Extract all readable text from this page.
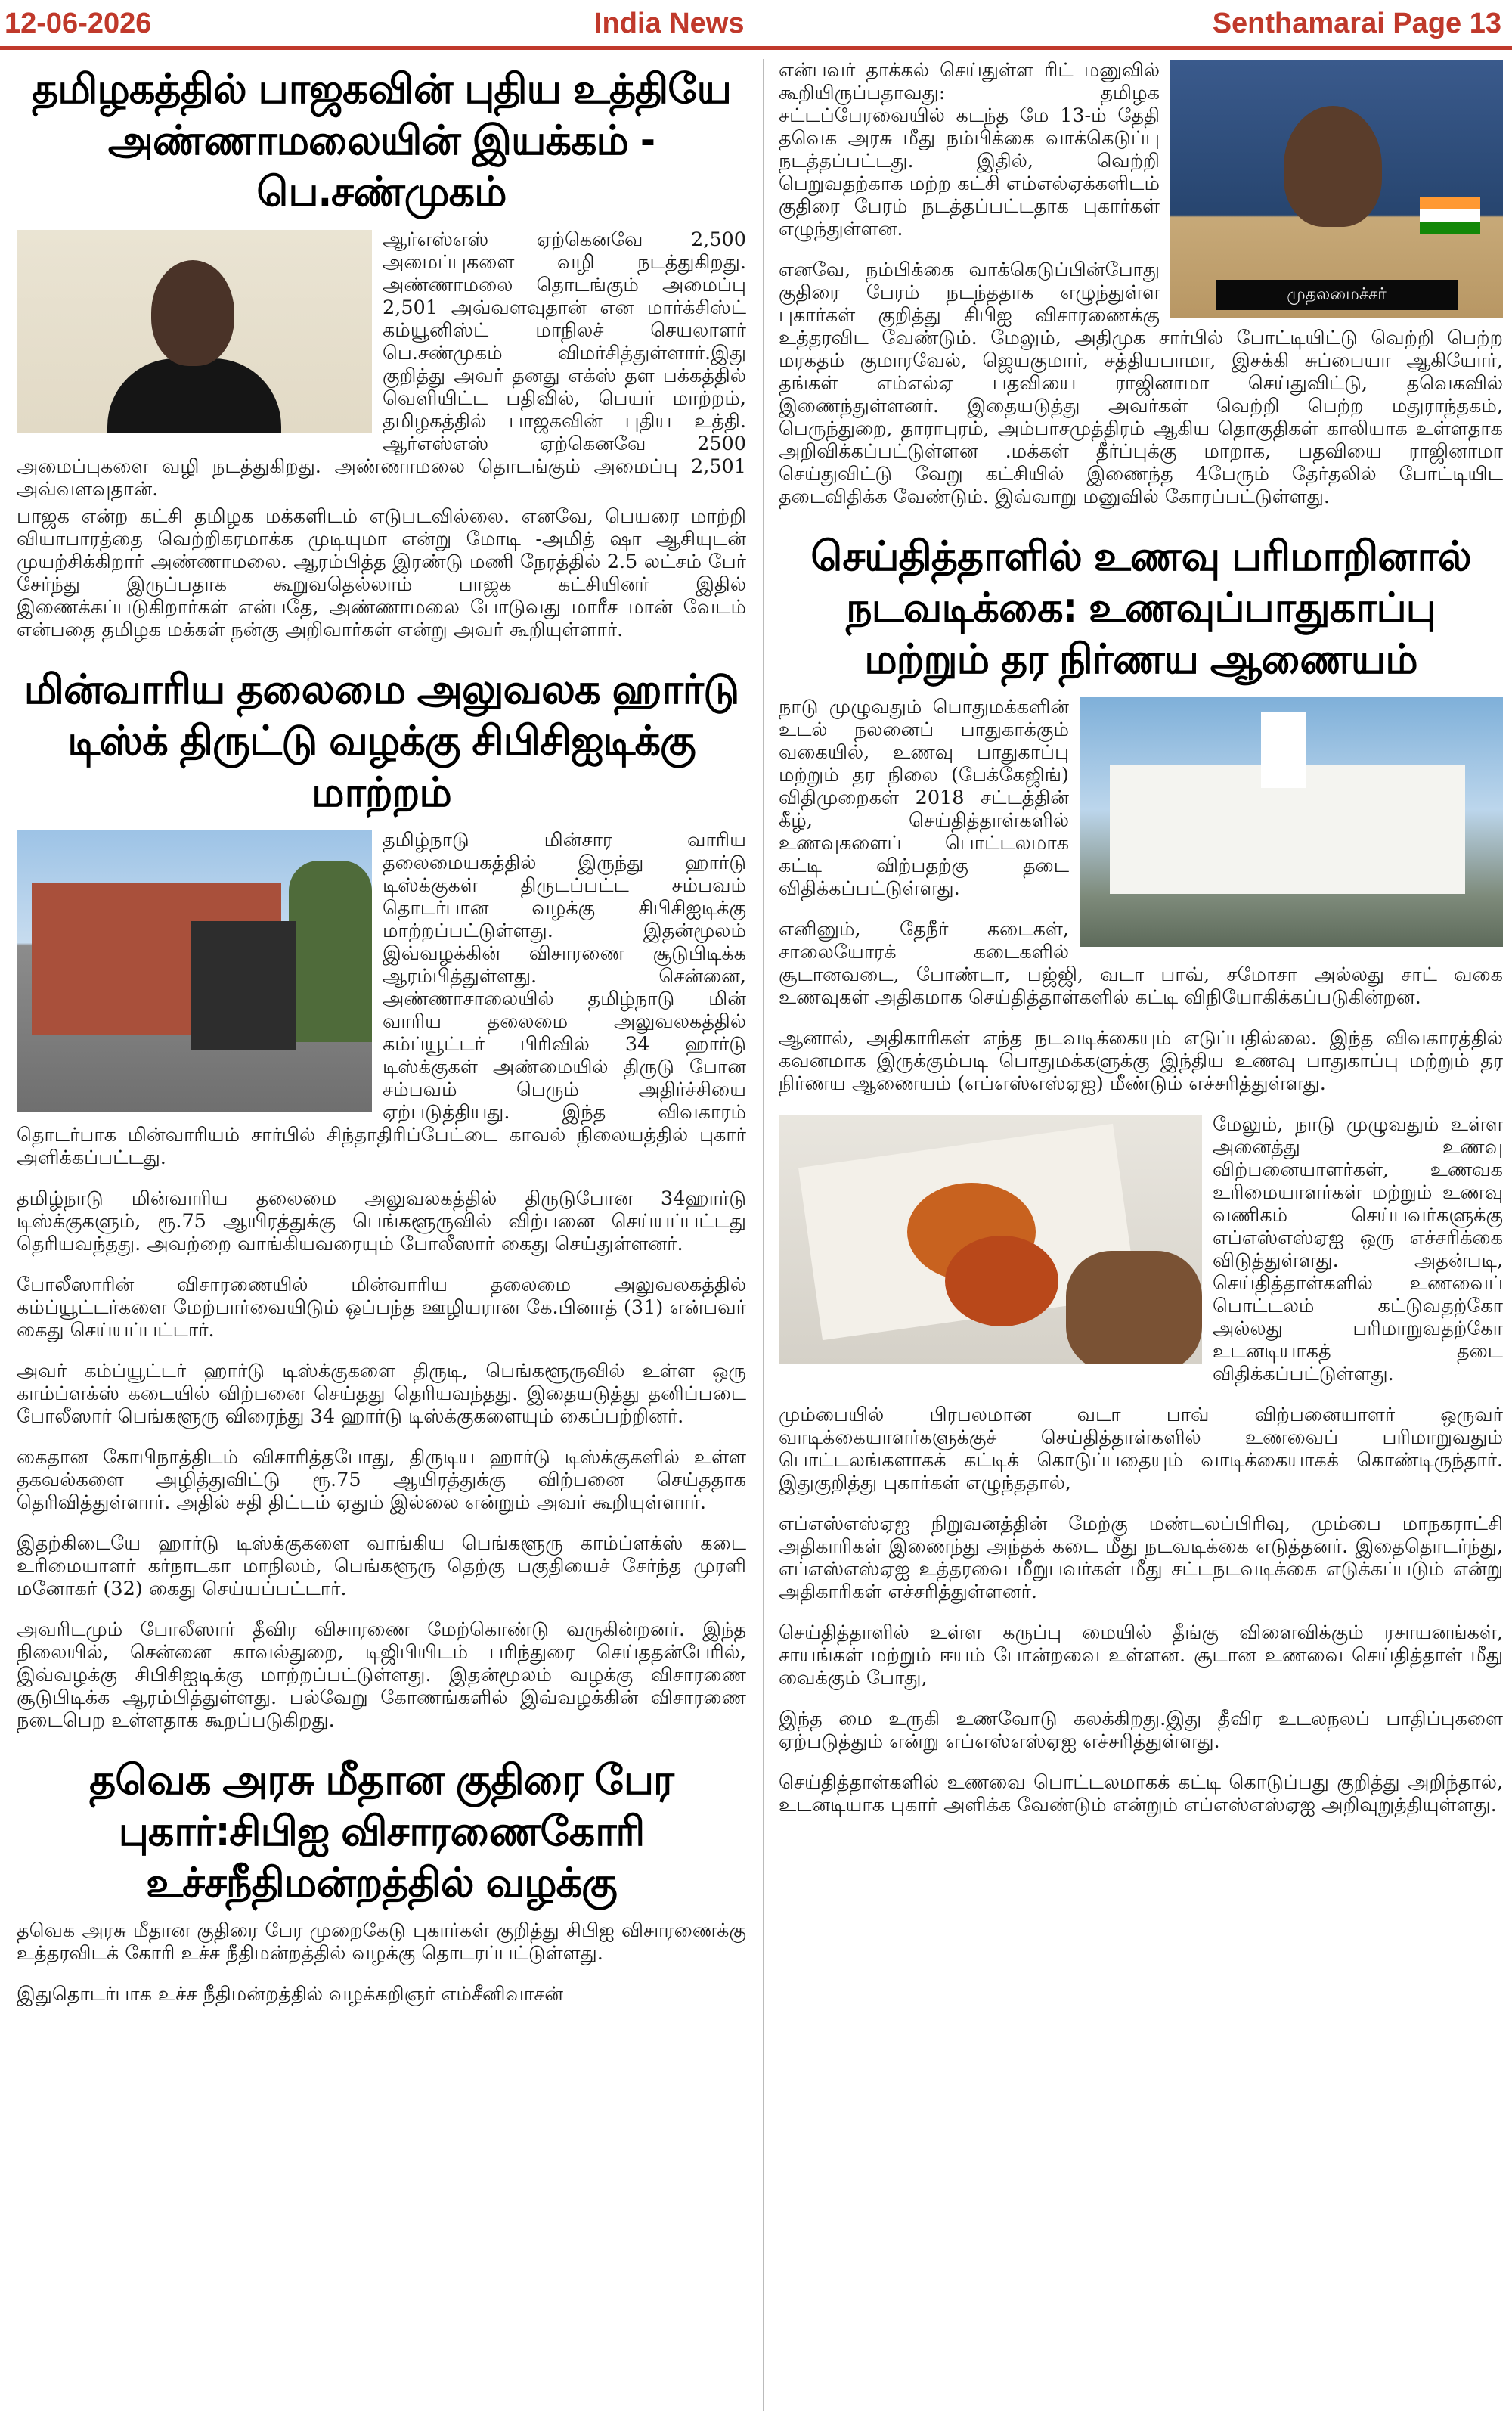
12-06-2026	India News	Senthamarai Page 13
தமிழகத்தில் பாஜகவின் புதிய உத்தியே அண்ணாமலையின் இயக்கம் - பெ.சண்முகம்

ஆர்எஸ்எஸ் ஏற்கெனவே 2,500 அமைப்புகளை வழி நடத்துகிறது. அண்ணாமலை தொடங்கும் அமைப்பு 2,501 அவ்வளவுதான் என மார்க்சிஸ்ட் கம்யூனிஸ்ட் மாநிலச் செயலாளர் பெ.சண்முகம் விமர்சித்துள்ளார்.இது குறித்து அவர் தனது எக்ஸ் தள பக்கத்தில் வெளியிட்ட பதிவில், பெயர் மாற்றம், தமிழகத்தில் பாஜகவின் புதிய உத்தி. ஆர்எஸ்எஸ் ஏற்கெனவே 2500 அமைப்புகளை வழி நடத்துகிறது. அண்ணாமலை தொடங்கும் அமைப்பு 2,501 அவ்வளவுதான்.

பாஜக என்ற கட்சி தமிழக மக்களிடம் எடுபடவில்லை. எனவே, பெயரை மாற்றி வியாபாரத்தை வெற்றிகரமாக்க முடியுமா என்று மோடி -அமித் ஷா ஆசியுடன் முயற்சிக்கிறார் அண்ணாமலை. ஆரம்பித்த இரண்டு மணி நேரத்தில் 2.5 லட்சம் பேர் சேர்ந்து இருப்பதாக கூறுவதெல்லாம் பாஜக கட்சியினர் இதில் இணைக்கப்படுகிறார்கள் என்பதே, அண்ணாமலை போடுவது மாரீச மான் வேடம் என்பதை தமிழக மக்கள் நன்கு அறிவார்கள் என்று அவர் கூறியுள்ளார்.

மின்வாரிய தலைமை அலுவலக ஹார்டு டிஸ்க் திருட்டு வழக்கு சிபிசிஐடிக்கு மாற்றம்

தமிழ்நாடு மின்சார வாரிய தலைமையகத்தில் இருந்து ஹார்டு டிஸ்க்குகள் திருடப்பட்ட சம்பவம் தொடர்பான வழக்கு சிபிசிஐடிக்கு மாற்றப்பட்டுள்ளது. இதன்மூலம் இவ்வழக்கின் விசாரணை சூடுபிடிக்க ஆரம்பித்துள்ளது. சென்னை, அண்ணாசாலையில் தமிழ்நாடு மின் வாரிய தலைமை அலுவலகத்தில் கம்ப்யூட்டர் பிரிவில் 34 ஹார்டு டிஸ்க்குகள் அண்மையில் திருடு போன சம்பவம் பெரும் அதிர்ச்சியை ஏற்படுத்தியது. இந்த விவகாரம் தொடர்பாக மின்வாரியம் சார்பில் சிந்தாதிரிப்பேட்டை காவல் நிலையத்தில் புகார் அளிக்கப்பட்டது.

தமிழ்நாடு மின்வாரிய தலைமை அலுவலகத்தில் திருடுபோன 34ஹார்டு டிஸ்க்குகளும், ரூ.75 ஆயிரத்துக்கு பெங்களூருவில் விற்பனை செய்யப்பட்டது தெரியவந்தது. அவற்றை வாங்கியவரையும் போலீஸார் கைது செய்துள்ளனர்.

போலீஸாரின் விசாரணையில் மின்வாரிய தலைமை அலுவலகத்தில் கம்ப்யூட்டர்களை மேற்பார்வையிடும் ஒப்பந்த ஊழியரான கே.பினாத் (31) என்பவர் கைது செய்யப்பட்டார்.

அவர் கம்ப்யூட்டர் ஹார்டு டிஸ்க்குகளை திருடி, பெங்களூருவில் உள்ள ஒரு காம்ப்ளக்ஸ் கடையில் விற்பனை செய்தது தெரியவந்தது. இதையடுத்து தனிப்படை போலீஸார் பெங்களூரு விரைந்து 34 ஹார்டு டிஸ்க்குகளையும் கைப்பற்றினர்.

கைதான கோபிநாத்திடம் விசாரித்தபோது, திருடிய ஹார்டு டிஸ்க்குகளில் உள்ள தகவல்களை அழித்துவிட்டு ரூ.75 ஆயிரத்துக்கு விற்பனை செய்ததாக தெரிவித்துள்ளார். அதில் சதி திட்டம் ஏதும் இல்லை என்றும் அவர் கூறியுள்ளார்.

இதற்கிடையே ஹார்டு டிஸ்க்குகளை வாங்கிய பெங்களூரு காம்ப்ளக்ஸ் கடை உரிமையாளர் கர்நாடகா மாநிலம், பெங்களூரு தெற்கு பகுதியைச் சேர்ந்த முரளி மனோகர் (32) கைது செய்யப்பட்டார்.

அவரிடமும் போலீஸார் தீவிர விசாரணை மேற்கொண்டு வருகின்றனர். இந்த நிலையில், சென்னை காவல்துறை, டிஜிபியிடம் பரிந்துரை செய்ததன்பேரில், இவ்வழக்கு சிபிசிஐடிக்கு மாற்றப்பட்டுள்ளது. இதன்மூலம் வழக்கு விசாரணை சூடுபிடிக்க ஆரம்பித்துள்ளது. பல்வேறு கோணங்களில் இவ்வழக்கின் விசாரணை நடைபெற உள்ளதாக கூறப்படுகிறது.

தவெக அரசு மீதான குதிரை பேர புகார்:சிபிஐ விசாரணைகோரி உச்சநீதிமன்றத்தில் வழக்கு

தவெக அரசு மீதான குதிரை பேர முறைகேடு புகார்கள் குறித்து சிபிஐ விசாரணைக்கு உத்தரவிடக் கோரி உச்ச நீதிமன்றத்தில் வழக்கு தொடரப்பட்டுள்ளது.

இதுதொடர்பாக உச்ச நீதிமன்றத்தில் வழக்கறிஞர் எம்சீனிவாசன்

முதலமைச்சர்

என்பவர் தாக்கல் செய்துள்ள ரிட் மனுவில் கூறியிருப்பதாவது: தமிழக சட்டப்பேரவையில் கடந்த மே 13-ம் தேதி தவெக அரசு மீது நம்பிக்கை வாக்கெடுப்பு நடத்தப்பட்டது. இதில், வெற்றி பெறுவதற்காக மற்ற கட்சி எம்எல்ஏக்களிடம் குதிரை பேரம் நடத்தப்பட்டதாக புகார்கள் எழுந்துள்ளன.

எனவே, நம்பிக்கை வாக்கெடுப்பின்போது குதிரை பேரம் நடந்ததாக எழுந்துள்ள புகார்கள் குறித்து சிபிஐ விசாரணைக்கு உத்தரவிட வேண்டும். மேலும், அதிமுக சார்பில் போட்டியிட்டு வெற்றி பெற்ற மரகதம் குமாரவேல், ஜெயகுமார், சத்தியபாமா, இசக்கி சுப்பையா ஆகியோர், தங்கள் எம்எல்ஏ பதவியை ராஜினாமா செய்துவிட்டு, தவெகவில் இணைந்துள்ளனர். இதையடுத்து அவர்கள் வெற்றி பெற்ற மதுராந்தகம், பெருந்துறை, தாராபுரம், அம்பாசமுத்திரம் ஆகிய தொகுதிகள் காலியாக உள்ளதாக அறிவிக்கப்பட்டுள்ளன .மக்கள் தீர்ப்புக்கு மாறாக, பதவியை ராஜினாமா செய்துவிட்டு வேறு கட்சியில் இணைந்த 4பேரும் தேர்தலில் போட்டியிட தடைவிதிக்க வேண்டும். இவ்வாறு மனுவில் கோரப்பட்டுள்ளது.

செய்தித்தாளில் உணவு பரிமாறினால் நடவடிக்கை: உணவுப்பாதுகாப்பு மற்றும் தர நிர்ணய ஆணையம்

நாடு முழுவதும் பொதுமக்களின் உடல் நலனைப் பாதுகாக்கும் வகையில், உணவு பாதுகாப்பு மற்றும் தர நிலை (பேக்கேஜிங்) விதிமுறைகள் 2018 சட்டத்தின் கீழ், செய்தித்தாள்களில் உணவுகளைப் பொட்டலமாக கட்டி விற்பதற்கு தடை விதிக்கப்பட்டுள்ளது.

எனினும், தேநீர் கடைகள், சாலையோரக் கடைகளில் சூடானவடை, போண்டா, பஜ்ஜி, வடா பாவ், சமோசா அல்லது சாட் வகை உணவுகள் அதிகமாக செய்தித்தாள்களில் கட்டி விநியோகிக்கப்படுகின்றன.

ஆனால், அதிகாரிகள் எந்த நடவடிக்கையும் எடுப்பதில்லை. இந்த விவகாரத்தில் கவனமாக இருக்கும்படி பொதுமக்களுக்கு இந்திய உணவு பாதுகாப்பு மற்றும் தர நிர்ணய ஆணையம் (எப்எஸ்எஸ்ஏஐ) மீண்டும் எச்சரித்துள்ளது.

மேலும், நாடு முழுவதும் உள்ள அனைத்து உணவு விற்பனையாளர்கள், உணவக உரிமையாளர்கள் மற்றும் உணவு வணிகம் செய்பவர்களுக்கு எப்எஸ்எஸ்ஏஐ ஒரு எச்சரிக்கை விடுத்துள்ளது. அதன்படி, செய்தித்தாள்களில் உணவைப் பொட்டலம் கட்டுவதற்கோ அல்லது பரிமாறுவதற்கோ உடனடியாகத் தடை விதிக்கப்பட்டுள்ளது.

மும்பையில் பிரபலமான வடா பாவ் விற்பனையாளர் ஒருவர் வாடிக்கையாளர்களுக்குச் செய்தித்தாள்களில் உணவைப் பரிமாறுவதும் பொட்டலங்களாகக் கட்டிக் கொடுப்பதையும் வாடிக்கையாகக் கொண்டிருந்தார். இதுகுறித்து புகார்கள் எழுந்ததால்,

எப்எஸ்எஸ்ஏஐ நிறுவனத்தின் மேற்கு மண்டலப்பிரிவு, மும்பை மாநகராட்சி அதிகாரிகள் இணைந்து அந்தக் கடை மீது நடவடிக்கை எடுத்தனர். இதைதொடர்ந்து, எப்எஸ்எஸ்ஏஐ உத்தரவை மீறுபவர்கள் மீது சட்டநடவடிக்கை எடுக்கப்படும் என்று அதிகாரிகள் எச்சரித்துள்ளனர்.

செய்தித்தாளில் உள்ள கருப்பு மையில் தீங்கு விளைவிக்கும் ரசாயனங்கள், சாயங்கள் மற்றும் ஈயம் போன்றவை உள்ளன. சூடான உணவை செய்தித்தாள் மீது வைக்கும் போது,

இந்த மை உருகி உணவோடு கலக்கிறது.இது தீவிர உடலநலப் பாதிப்புகளை ஏற்படுத்தும் என்று எப்எஸ்எஸ்ஏஐ எச்சரித்துள்ளது.

செய்தித்தாள்களில் உணவை பொட்டலமாகக் கட்டி கொடுப்பது குறித்து அறிந்தால், உடனடியாக புகார் அளிக்க வேண்டும் என்றும் எப்எஸ்எஸ்ஏஐ அறிவுறுத்தியுள்ளது.
